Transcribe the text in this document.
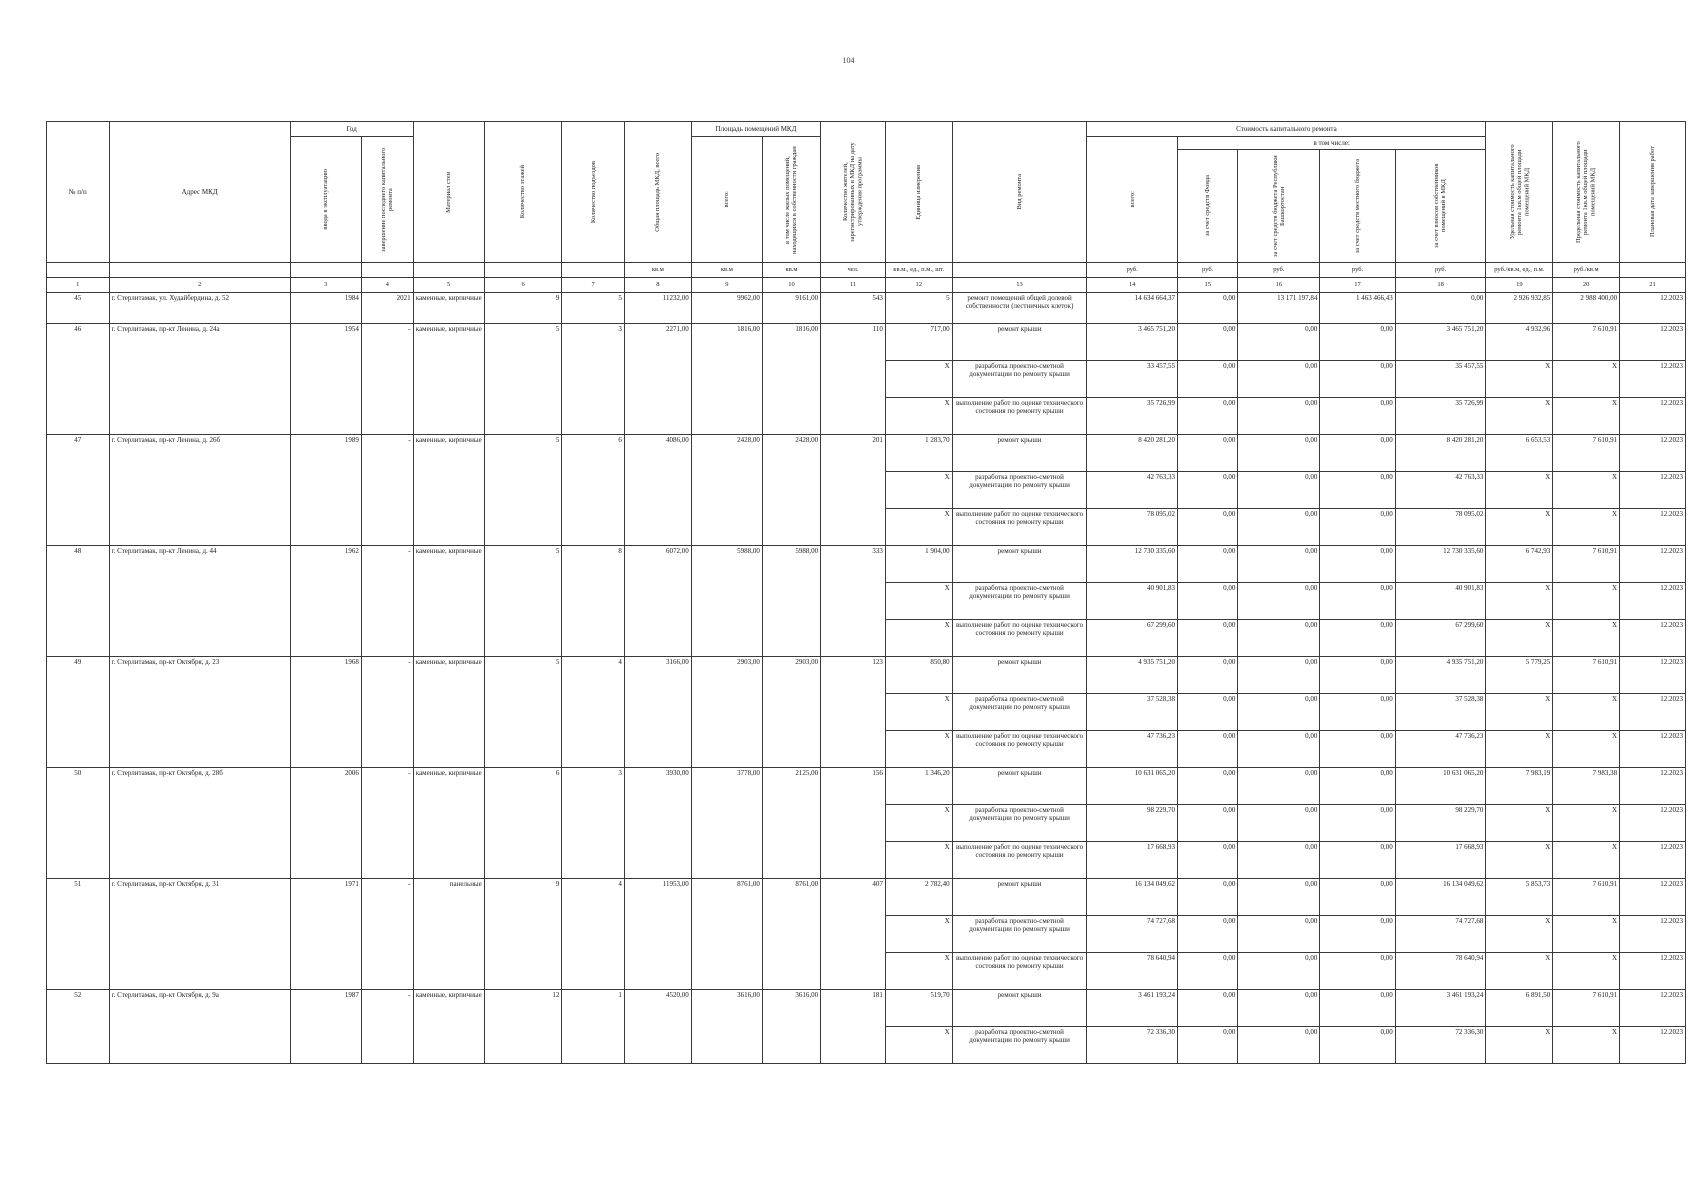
104
№ п/п	Адрес МКД	Год		Материал стен	Количество этажей	Количество подъездов	Общая площадь МКД, всего	Площадь помещений МКД		Количество жителей, зарегистрированных в МКД на дату утверждения программы	Единица измерения	Вид ремонта	Стоимость капитального ремонта					Удельная стоимость капитального ремонта 1кв.м общей площади помещений МКД	Предельная стоимость капитального ремонта 1кв.м общей площади помещений МКД	Плановая дата завершения работ

		ввода в эксплуатацию	завершение последнего капитального ремонта					всего:	в том числе жилых помещений, находящихся в собственности граждан				всего:	в том числе:						

														за счет средств Фонда	за счет средств бюджета Республики Башкортостан	за счет средств местного бюджета	за счет взносов собственников помещений в МКД			

							кв.м	кв.м	кв.м	чел.	кв.м., ед., п.м., шт.		руб.	руб.	руб.	руб.	руб.	руб./кв.м, ед., п.м.	руб./кв.м	
1	2	3	4	5	6	7	8	9	10	11	12	13	14	15	16	17	18	19	20	21
45	г. Стерлитамак, ул. Худайбердина, д. 52	1984	2021	каменные, кирпичные	9	5	11232,00	9962,00	9161,00	543	5	ремонт помещений общей долевой собственности (лестничных клеток)	14 634 664,37	0,00	13 171 197,84	1 463 466,43	0,00	2 926 932,85	2 988 400,00	12.2023
46	г. Стерлитамак, пр-кт Ленина, д. 24а	1954	-	каменные, кирпичные	5	3	2271,00	1816,00	1816,00	110	717,00	ремонт крыши	3 465 751,20	0,00	0,00	0,00	3 465 751,20	4 932,96	7 610,91	12.2023
											X	разработка проектно-сметной документации по ремонту крыши	33 457,55	0,00	0,00	0,00	35 457,55	X	X	12.2023
											X	выполнение работ по оценке технического состояния по ремонту крыши	35 726,99	0,00	0,00	0,00	35 726,99	X	X	12.2023
47	г. Стерлитамак, пр-кт Ленина, д. 26б	1989	-	каменные, кирпичные	5	6	4086,00	2428,00	2428,00	201	1 283,70	ремонт крыши	8 420 281,20	0,00	0,00	0,00	8 420 281,20	6 653,53	7 610,91	12.2023
											X	разработка проектно-сметной документации по ремонту крыши	42 763,33	0,00	0,00	0,00	42 763,33	X	X	12.2023
											X	выполнение работ по оценке технического состояния по ремонту крыши	78 095,02	0,00	0,00	0,00	78 095,02	X	X	12.2023
48	г. Стерлитамак, пр-кт Ленина, д. 44	1962	-	каменные, кирпичные	5	8	6072,00	5988,00	5988,00	333	1 904,00	ремонт крыши	12 730 335,60	0,00	0,00	0,00	12 730 335,60	6 742,93	7 610,91	12.2023
											X	разработка проектно-сметной документации по ремонту крыши	40 901,83	0,00	0,00	0,00	40 901,83	X	X	12.2023
											X	выполнение работ по оценке технического состояния по ремонту крыши	67 299,60	0,00	0,00	0,00	67 299,60	X	X	12.2023
49	г. Стерлитамак, пр-кт Октября, д. 23	1968	-	каменные, кирпичные	5	4	3166,00	2903,00	2903,00	123	850,80	ремонт крыши	4 935 751,20	0,00	0,00	0,00	4 935 751,20	5 779,25	7 610,91	12.2023
											X	разработка проектно-сметной документации по ремонту крыши	37 528,38	0,00	0,00	0,00	37 528,38	X	X	12.2023
											X	выполнение работ по оценке технического состояния по ремонту крыши	47 736,23	0,00	0,00	0,00	47 736,23	X	X	12.2023
50	г. Стерлитамак, пр-кт Октября, д. 28б	2006	-	каменные, кирпичные	6	3	3930,00	3778,00	2125,00	156	1 346,20	ремонт крыши	10 631 065,20	0,00	0,00	0,00	10 631 065,20	7 983,19	7 983,38	12.2023
											X	разработка проектно-сметной документации по ремонту крыши	98 229,70	0,00	0,00	0,00	98 229,70	X	X	12.2023
											X	выполнение работ по оценке технического состояния по ремонту крыши	17 668,93	0,00	0,00	0,00	17 668,93	X	X	12.2023
51	г. Стерлитамак, пр-кт Октября, д. 31	1971	-	панельные	9	4	11953,00	8761,00	8761,00	407	2 782,40	ремонт крыши	16 134 049,62	0,00	0,00	0,00	16 134 049,62	5 853,73	7 610,91	12.2023
											X	разработка проектно-сметной документации по ремонту крыши	74 727,68	0,00	0,00	0,00	74 727,68	X	X	12.2023
											X	выполнение работ по оценке технического состояния по ремонту крыши	78 640,94	0,00	0,00	0,00	78 640,94	X	X	12.2023
52	г. Стерлитамак, пр-кт Октября, д. 9а	1987	-	каменные, кирпичные	12	1	4520,00	3616,00	3616,00	181	519,70	ремонт крыши	3 461 193,24	0,00	0,00	0,00	3 461 193,24	6 891,50	7 610,91	12.2023
											X	разработка проектно-сметной документации по ремонту крыши	72 336,30	0,00	0,00	0,00	72 336,30	X	X	12.2023
